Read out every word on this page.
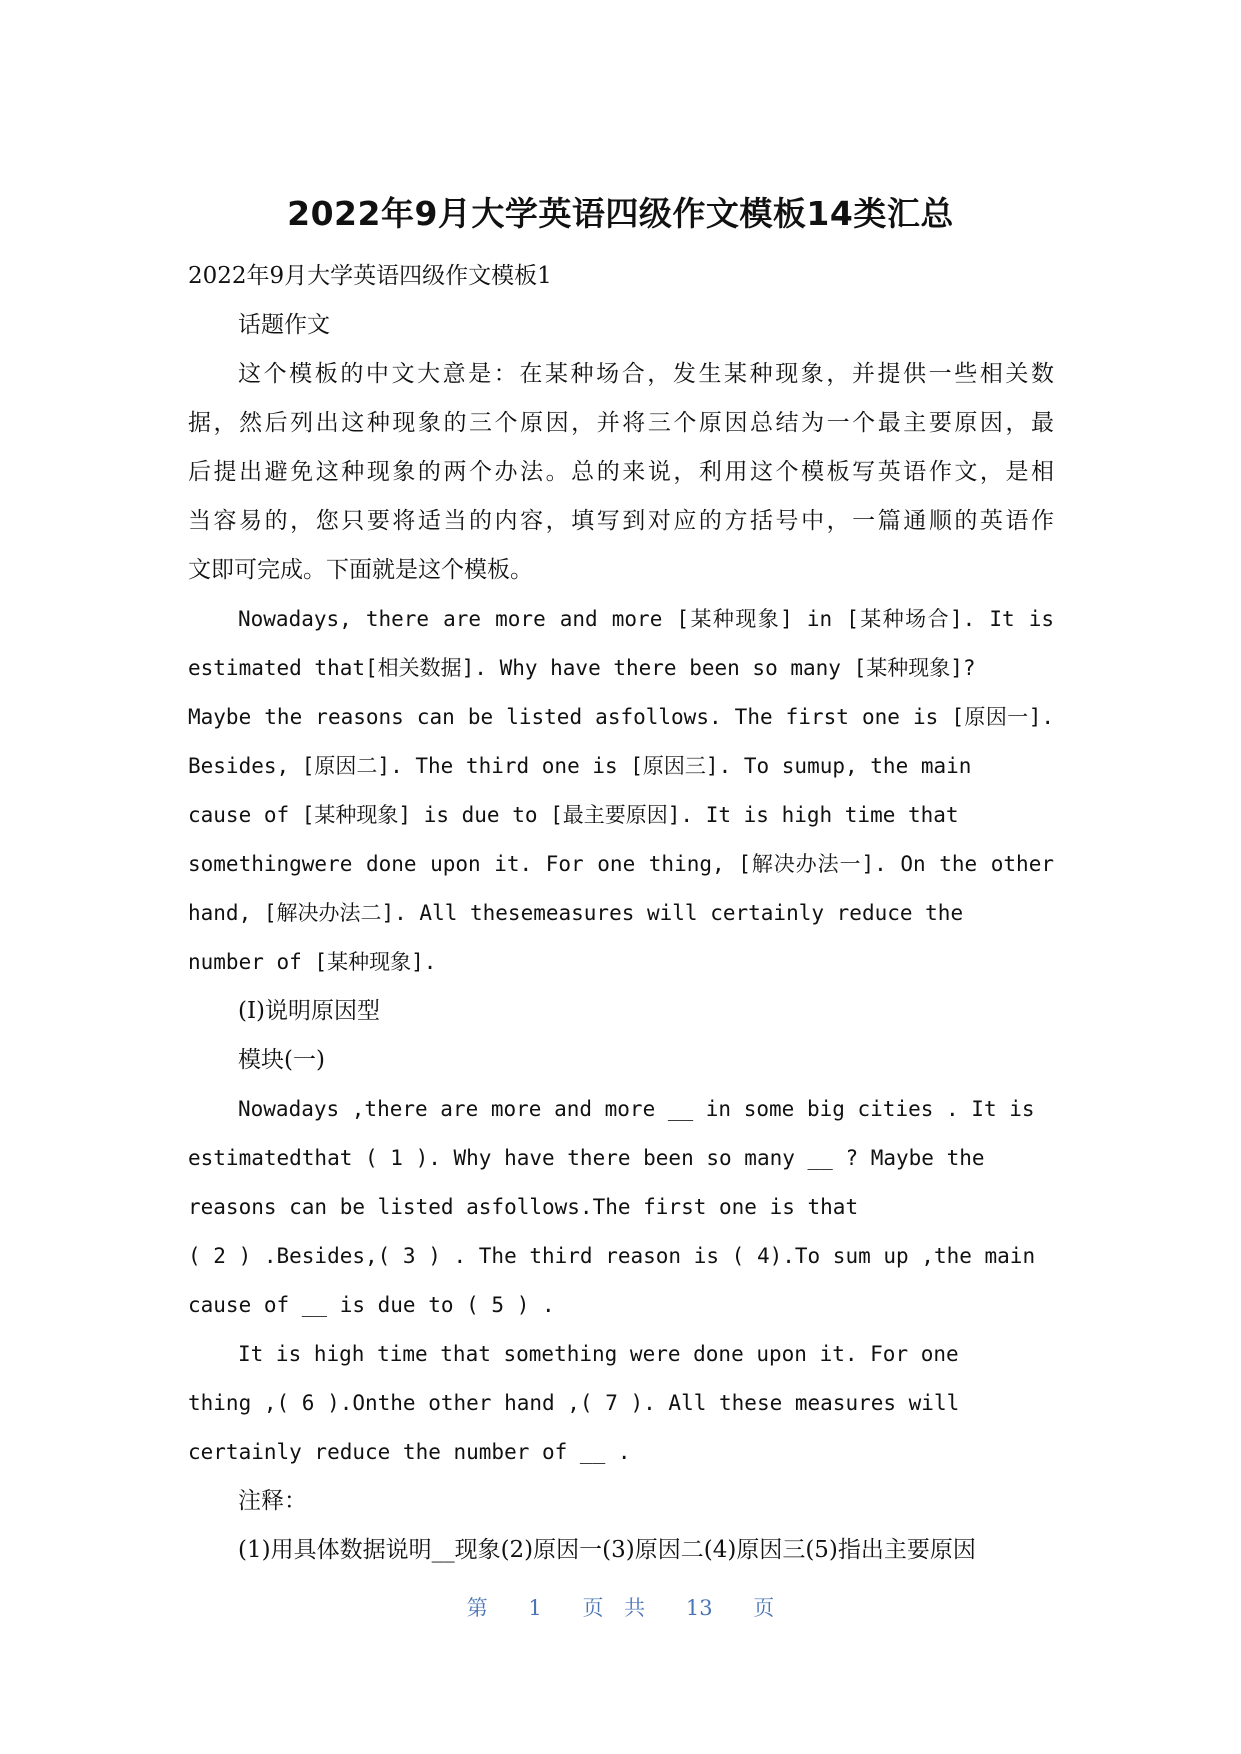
2022年9月大学英语四级作文模板14类汇总
2022年9月大学英语四级作文模板1
话题作文
这个模板的中文大意是：在某种场合，发生某种现象，并提供一些相关数
据，然后列出这种现象的三个原因，并将三个原因总结为一个最主要原因，最
后提出避免这种现象的两个办法。总的来说，利用这个模板写英语作文，是相
当容易的，您只要将适当的内容，填写到对应的方括号中，一篇通顺的英语作
文即可完成。下面就是这个模板。
Nowadays, there are more and more [某种现象] in [某种场合]. It is
estimated that[相关数据]. Why have there been so many [某种现象]?
Maybe the reasons can be listed asfollows. The first one is [原因一].
Besides, [原因二]. The third one is [原因三]. To sumup, the main
cause of [某种现象] is due to [最主要原因]. It is high time that
somethingwere done upon it. For one thing, [解决办法一]. On the other
hand, [解决办法二]. All thesemeasures will certainly reduce the
number of [某种现象].
(I)说明原因型
模块(一)
Nowadays ,there are more and more __ in some big cities . It is
estimatedthat ( 1 ). Why have there been so many __ ? Maybe the
reasons can be listed asfollows.The first one is that
( 2 ) .Besides,( 3 ) . The third reason is ( 4).To sum up ,the main
cause of __ is due to ( 5 ) .
It is high time that something were done upon it. For one
thing ,( 6 ).Onthe other hand ,( 7 ). All these measures will
certainly reduce the number of __ .
注释：
(1)用具体数据说明__现象(2)原因一(3)原因二(4)原因三(5)指出主要原因
第 1 页 共 13 页
